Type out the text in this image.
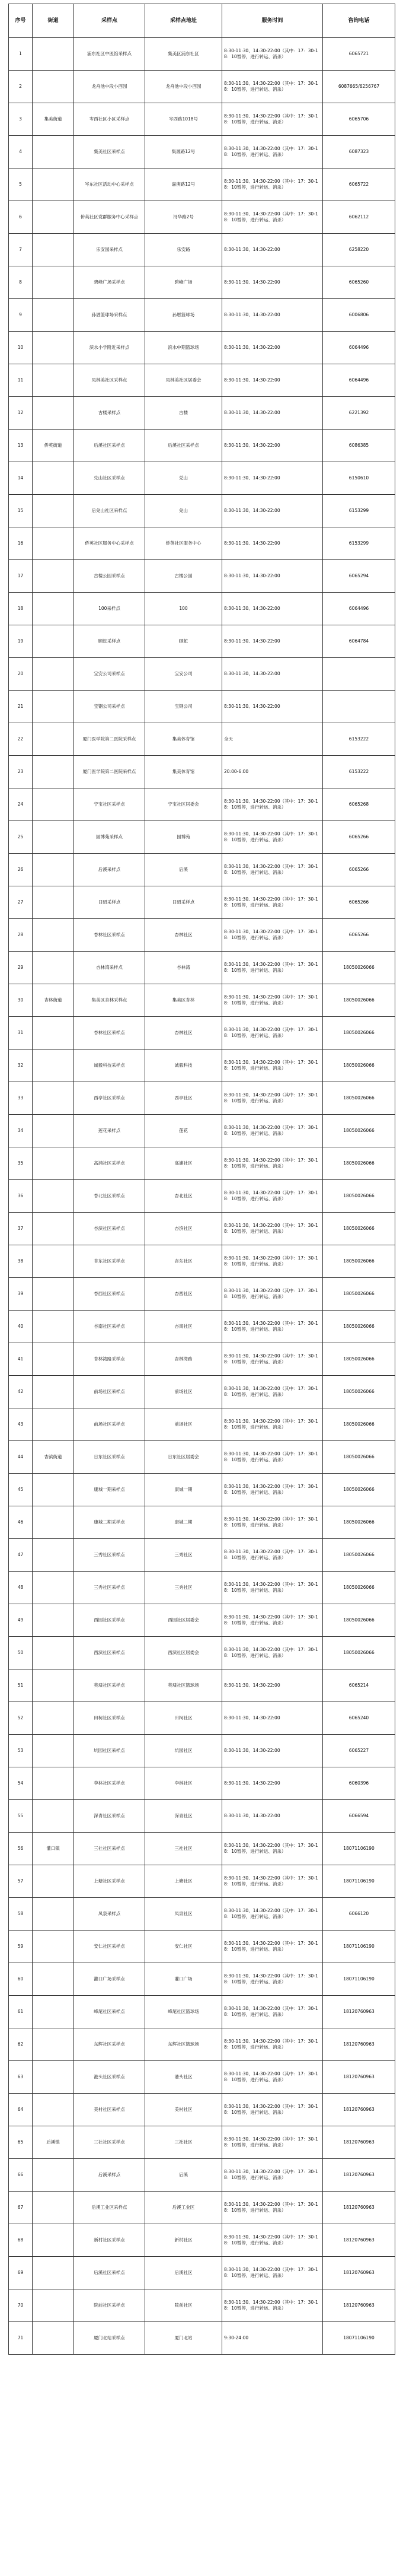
序号	街道	采样点	采样点地址	服务时间	咨询电话
1		浦东社区中医馆采样点	集美区浦东社区	8:30-11:30、14:30-22:00（其中：17：30-18：10暂停，进行转运、消杀）	6065721
2		龙舟池中段小西园	龙舟池中段小西园	8:30-11:30、14:30-22:00（其中：17：30-18：10暂停，进行转运、消杀）	6087665/6256767
3	集美街道	岑西社区小区采样点	岑西路1018号	8:30-11:30、14:30-22:00（其中：17：30-18：10暂停，进行转运、消杀）	6065706
4		集美社区采样点	集源路12号	8:30-11:30、14:30-22:00（其中：17：30-18：10暂停，进行转运、消杀）	6087323
5		岑东社区活动中心采样点	嘉庚路12号	8:30-11:30、14:30-22:00（其中：17：30-18：10暂停，进行转运、消杀）	6065722
6		侨英社区党群服务中心采样点	浔华路2号	8:30-11:30、14:30-22:00（其中：17：30-18：10暂停，进行转运、消杀）	6062112
7		乐安园采样点	乐安路	8:30-11:30、14:30-22:00	6258220
8		碧峰广场采样点	碧峰广场	8:30-11:30、14:30-22:00	6065260
9		孙厝篮球场采样点	孙厝篮球场	8:30-11:30、14:30-22:00	6006806
10		滨水小学附近采样点	滨水中期篮球场	8:30-11:30、14:30-22:00	6064496
11		凤林美社区采样点	凤林美社区居委会	8:30-11:30、14:30-22:00	6064496
12		古楼采样点	古楼	8:30-11:30、14:30-22:00	6221392
13	侨英街道	后溪社区采样点	后溪社区采样点	8:30-11:30、14:30-22:00	6086385
14		兑山社区采样点	兑山	8:30-11:30、14:30-22:00	6150610
15		后兑山社区采样点	兑山	8:30-11:30、14:30-22:00	6153299
16		侨英社区服务中心采样点	侨英社区服务中心	8:30-11:30、14:30-22:00	6153299
17		古楼公园采样点	古楼公园	8:30-11:30、14:30-22:00	6065294
18		100采样点	100	8:30-11:30、14:30-22:00	6064496
19		顾蛇采样点	顾蛇	8:30-11:30、14:30-22:00	6064784
20		宝安公司采样点	宝安公司	8:30-11:30、14:30-22:00	
21		宝钢公司采样点	宝钢公司	8:30-11:30、14:30-22:00	
22		厦门医学院第二医院采样点	集美体育馆	全天	6153222
23		厦门医学院第二医院采样点	集美体育馆	20:00-6:00	6153222
24		宁宝社区采样点	宁宝社区居委会	8:30-11:30、14:30-22:00（其中：17：30-18：10暂停，进行转运、消杀）	6065268
25		园博苑采样点	园博苑	8:30-11:30、14:30-22:00（其中：17：30-18：10暂停，进行转运、消杀）	6065266
26		后溪采样点	后溪	8:30-11:30、14:30-22:00（其中：17：30-18：10暂停，进行转运、消杀）	6065266
27		日昭采样点	日昭采样点	8:30-11:30、14:30-22:00（其中：17：30-18：10暂停，进行转运、消杀）	6065266
28		杏林社区采样点	杏林社区	8:30-11:30、14:30-22:00（其中：17：30-18：10暂停，进行转运、消杀）	6065266
29		杏林湾采样点	杏林湾	8:30-11:30、14:30-22:00（其中：17：30-18：10暂停，进行转运、消杀）	18050026066
30	杏林街道	集美区杏林采样点	集美区杏林	8:30-11:30、14:30-22:00（其中：17：30-18：10暂停，进行转运、消杀）	18050026066
31		杏林社区采样点	杏林社区	8:30-11:30、14:30-22:00（其中：17：30-18：10暂停，进行转运、消杀）	18050026066
32		诚毅科技采样点	诚毅科技	8:30-11:30、14:30-22:00（其中：17：30-18：10暂停，进行转运、消杀）	18050026066
33		西亭社区采样点	西亭社区	8:30-11:30、14:30-22:00（其中：17：30-18：10暂停，进行转运、消杀）	18050026066
34		莲花采样点	莲花	8:30-11:30、14:30-22:00（其中：17：30-18：10暂停，进行转运、消杀）	18050026066
35		高浦社区采样点	高浦社区	8:30-11:30、14:30-22:00（其中：17：30-18：10暂停，进行转运、消杀）	18050026066
36		杏北社区采样点	杏北社区	8:30-11:30、14:30-22:00（其中：17：30-18：10暂停，进行转运、消杀）	18050026066
37		杏滨社区采样点	杏滨社区	8:30-11:30、14:30-22:00（其中：17：30-18：10暂停，进行转运、消杀）	18050026066
38		杏东社区采样点	杏东社区	8:30-11:30、14:30-22:00（其中：17：30-18：10暂停，进行转运、消杀）	18050026066
39		杏西社区采样点	杏西社区	8:30-11:30、14:30-22:00（其中：17：30-18：10暂停，进行转运、消杀）	18050026066
40		杏南社区采样点	杏南社区	8:30-11:30、14:30-22:00（其中：17：30-18：10暂停，进行转运、消杀）	18050026066
41		杏林湾路采样点	杏林湾路	8:30-11:30、14:30-22:00（其中：17：30-18：10暂停，进行转运、消杀）	18050026066
42		前场社区采样点	前场社区	8:30-11:30、14:30-22:00（其中：17：30-18：10暂停，进行转运、消杀）	18050026066
43		前场社区采样点	前场社区	8:30-11:30、14:30-22:00（其中：17：30-18：10暂停，进行转运、消杀）	18050026066
44	杏滨街道	日东社区采样点	日东社区居委会	8:30-11:30、14:30-22:00（其中：17：30-18：10暂停，进行转运、消杀）	18050026066
45		康城一期采样点	康城一期	8:30-11:30、14:30-22:00（其中：17：30-18：10暂停，进行转运、消杀）	18050026066
46		康城二期采样点	康城二期	8:30-11:30、14:30-22:00（其中：17：30-18：10暂停，进行转运、消杀）	18050026066
47		三秀社区采样点	三秀社区	8:30-11:30、14:30-22:00（其中：17：30-18：10暂停，进行转运、消杀）	18050026066
48		三秀社区采样点	三秀社区	8:30-11:30、14:30-22:00（其中：17：30-18：10暂停，进行转运、消杀）	18050026066
49		西园社区采样点	西园社区居委会	8:30-11:30、14:30-22:00（其中：17：30-18：10暂停，进行转运、消杀）	18050026066
50		西滨社区采样点	西滨社区居委会	8:30-11:30、14:30-22:00（其中：17：30-18：10暂停，进行转运、消杀）	18050026066
51		英埭社区采样点	英埭社区篮球场	8:30-11:30、14:30-22:00	6065214
52		田柯社区采样点	田柯社区	8:30-11:30、14:30-22:00	6065240
53		坑园社区采样点	坑园社区	8:30-11:30、14:30-22:00	6065227
54		李林社区采样点	李林社区	8:30-11:30、14:30-22:00	6060396
55		深青社区采样点	深青社区	8:30-11:30、14:30-22:00	6066594
56	灌口镇	三社社区采样点	三社社区	8:30-11:30、14:30-22:00（其中：17：30-18：10暂停，进行转运、消杀）	18071106190
57		上塘社区采样点	上塘社区	8:30-11:30、14:30-22:00（其中：17：30-18：10暂停，进行转运、消杀）	18071106190
58		凤泉采样点	凤泉社区	8:30-11:30、14:30-22:00（其中：17：30-18：10暂停，进行转运、消杀）	6066120
59		安仁社区采样点	安仁社区	8:30-11:30、14:30-22:00（其中：17：30-18：10暂停，进行转运、消杀）	18071106190
60		灌口广场采样点	灌口广场	8:30-11:30、14:30-22:00（其中：17：30-18：10暂停，进行转运、消杀）	18071106190
61		峰尾社区采样点	峰尾社区篮球场	8:30-11:30、14:30-22:00（其中：17：30-18：10暂停，进行转运、消杀）	18120760963
62		东辉社区采样点	东辉社区篮球场	8:30-11:30、14:30-22:00（其中：17：30-18：10暂停，进行转运、消杀）	18120760963
63		港头社区采样点	港头社区	8:30-11:30、14:30-22:00（其中：17：30-18：10暂停，进行转运、消杀）	18120760963
64		美村社区采样点	美村社区	8:30-11:30、14:30-22:00（其中：17：30-18：10暂停，进行转运、消杀）	18120760963
65	后溪镇	三社社区采样点	三社社区	8:30-11:30、14:30-22:00（其中：17：30-18：10暂停，进行转运、消杀）	18120760963
66		后溪采样点	后溪	8:30-11:30、14:30-22:00（其中：17：30-18：10暂停，进行转运、消杀）	18120760963
67		后溪工业区采样点	后溪工业区	8:30-11:30、14:30-22:00（其中：17：30-18：10暂停，进行转运、消杀）	18120760963
68		新村社区采样点	新村社区	8:30-11:30、14:30-22:00（其中：17：30-18：10暂停，进行转运、消杀）	18120760963
69		后溪社区采样点	后溪社区	8:30-11:30、14:30-22:00（其中：17：30-18：10暂停，进行转运、消杀）	18120760963
70		院前社区采样点	院前社区	8:30-11:30、14:30-22:00（其中：17：30-18：10暂停，进行转运、消杀）	18120760963
71		厦门北站采样点	厦门北站	9:30-24:00	18071106190
